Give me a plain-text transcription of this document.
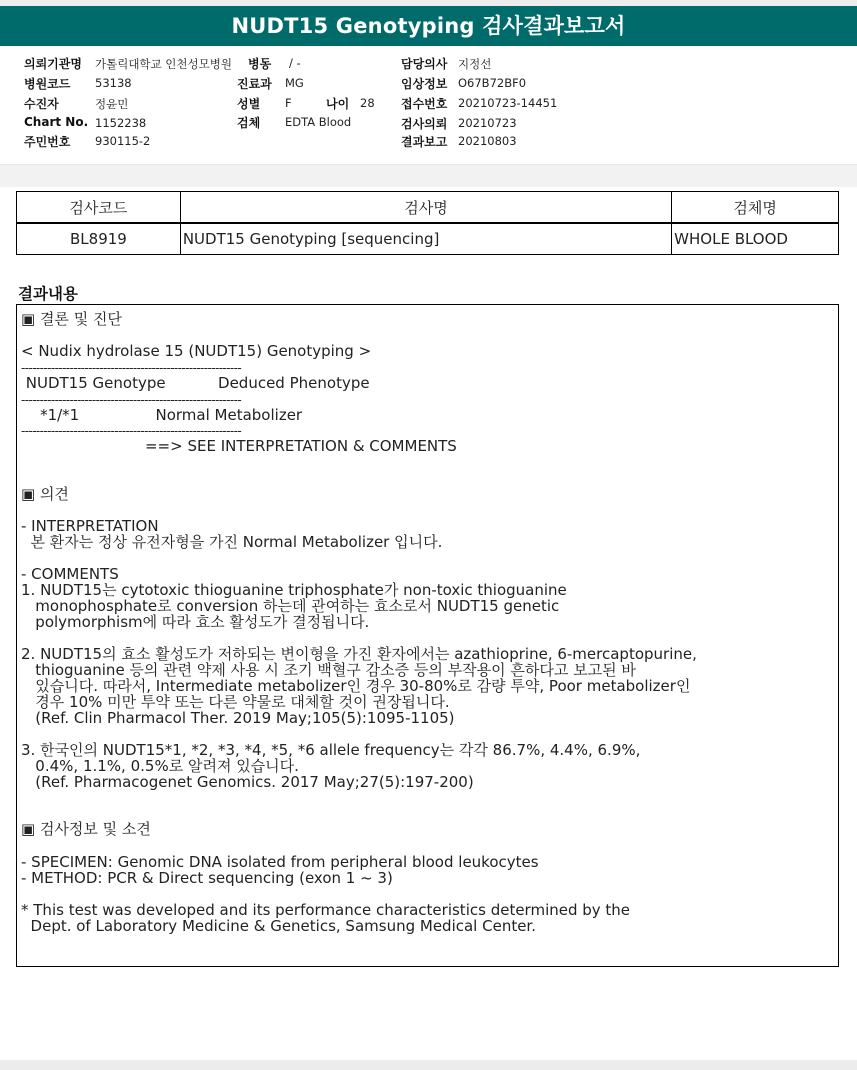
NUDT15 Genotyping 검사결과보고서
의뢰기관명 가톨릭대학교 인천성모병원 병동 / -	담당의사 지정선
병원코드 53138	진료과 MG	임상정보 O67B72BF0
수진자	정윤민	성별 F	나이 28 접수번호 20210723-14451
Chart No. 1152238	검체 EDTA Blood	검사의뢰 20210723
주민번호 930115-2	결과보고 20210803
검사코드	검사명	검체명
BL8919	NUDT15 Genotyping [sequencing]	WHOLE BLOOD
결과내용
▣ 결론 및 진단
< Nudix hydrolase 15 (NUDT15) Genotyping >
-----------------------------------------------------------
NUDT15 Genotype           Deduced Phenotype
-----------------------------------------------------------
*1/*1                Normal Metabolizer
-----------------------------------------------------------
==> SEE INTERPRETATION & COMMENTS
▣ 의견
- INTERPRETATION
본 환자는 정상 유전자형을 가진 Normal Metabolizer 입니다.
- COMMENTS
1. NUDT15는 cytotoxic thioguanine triphosphate가 non-toxic thioguanine
monophosphate로 conversion 하는데 관여하는 효소로서 NUDT15 genetic
polymorphism에 따라 효소 활성도가 결정됩니다.
2. NUDT15의 효소 활성도가 저하되는 변이형을 가진 환자에서는 azathioprine, 6-mercaptopurine,
thioguanine 등의 관련 약제 사용 시 조기 백혈구 감소증 등의 부작용이 흔하다고 보고된 바
있습니다. 따라서, Intermediate metabolizer인 경우 30-80%로 감량 투약, Poor metabolizer인
경우 10% 미만 투약 또는 다른 약물로 대체할 것이 권장됩니다.
(Ref. Clin Pharmacol Ther. 2019 May;105(5):1095-1105)
3. 한국인의 NUDT15*1, *2, *3, *4, *5, *6 allele frequency는 각각 86.7%, 4.4%, 6.9%,
0.4%, 1.1%, 0.5%로 알려져 있습니다.
(Ref. Pharmacogenet Genomics. 2017 May;27(5):197-200)
▣ 검사정보 및 소견
- SPECIMEN: Genomic DNA isolated from peripheral blood leukocytes
- METHOD: PCR & Direct sequencing (exon 1 ~ 3)
* This test was developed and its performance characteristics determined by the
Dept. of Laboratory Medicine & Genetics, Samsung Medical Center.
